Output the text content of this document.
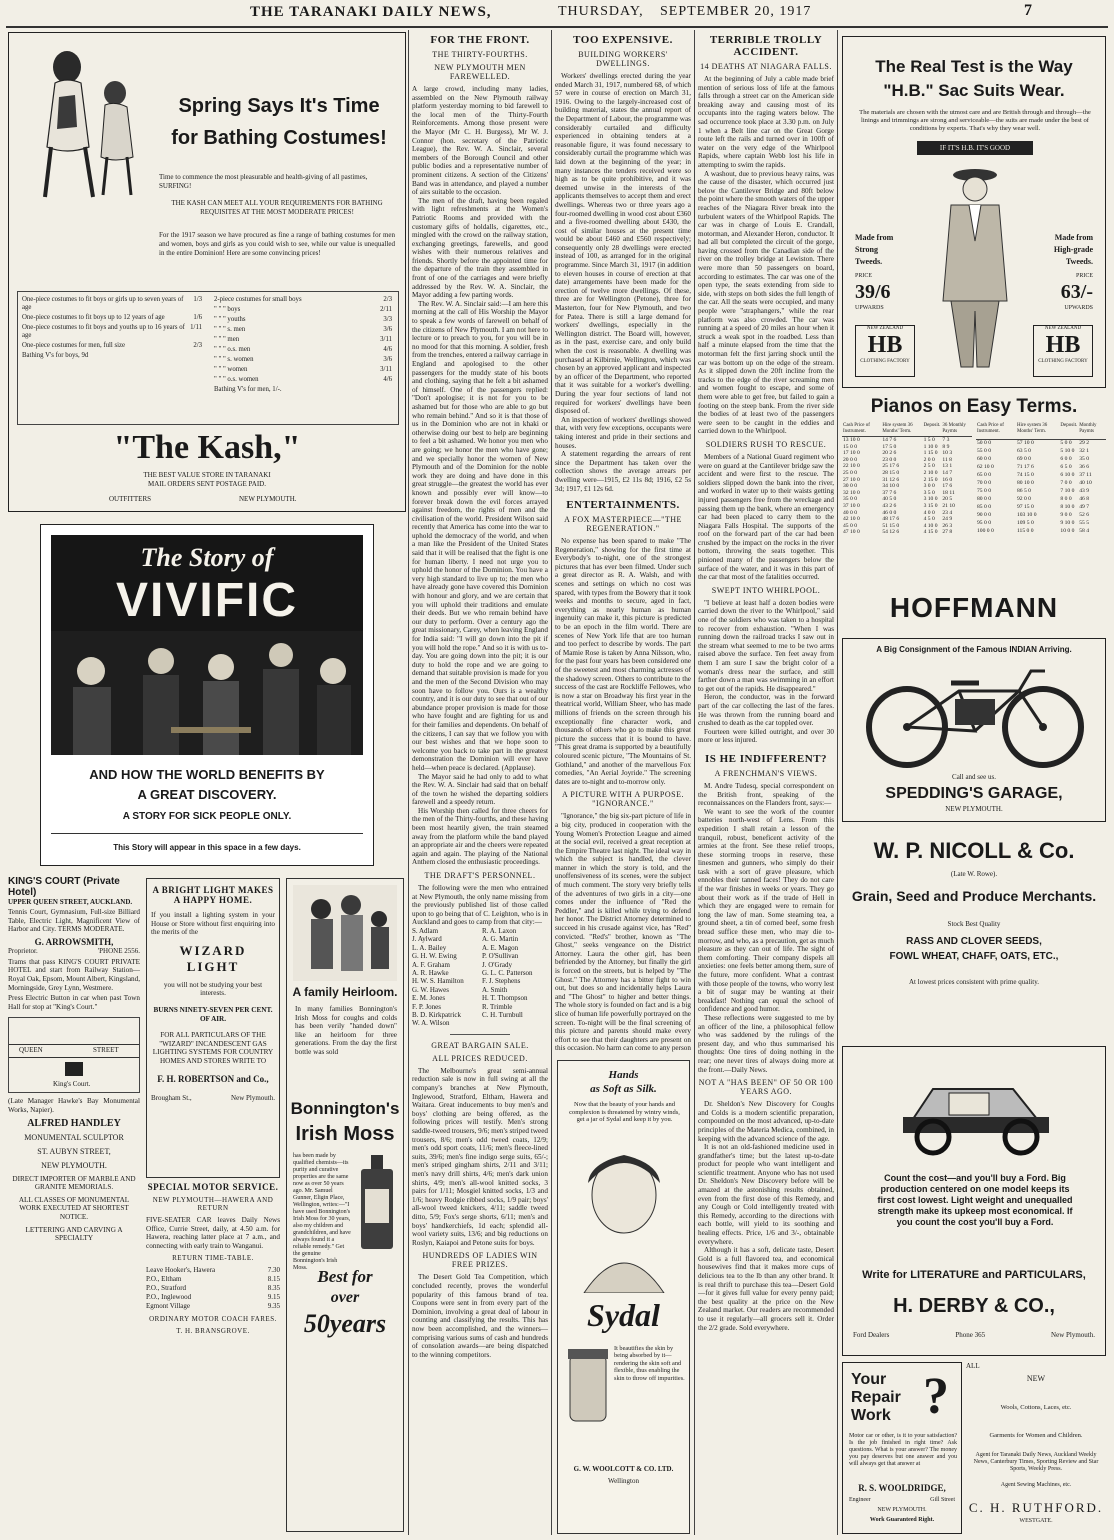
THE TARANAKI DAILY NEWS,	THURSDAY, SEPTEMBER 20, 1917	7
Spring Says It's Time
for Bathing Costumes!
Time to commence the most pleasurable and health-giving of all pastimes, SURFING!
THE KASH CAN MEET ALL YOUR REQUIREMENTS FOR BATHING REQUISITES AT THE MOST MODERATE PRICES!
For the 1917 season we have procured as fine a range of bathing costumes for men and women, boys and girls as you could wish to see, while our value is unequalled in the entire Dominion! Here are some convincing prices!
One-piece costumes to fit boys or girls up to seven years of age
1/3
One-piece costumes to fit boys up to 12 years of age	1/6
One-piece costumes to fit boys and youths up to 16 years of age
1/11
One-piece costumes for men, full size	2/3
Bathing V's for boys, 9d
2-piece costumes for small boys	2/3
" " " boys	2/11
" " " youths	3/3
" " " s. men	3/6
" " " men	3/11
" " " o.s. men	4/6
" " " s. women	3/6
" " " women	3/11
" " " o.s. women	4/6
Bathing V's for men, 1/-.
"The Kash,"
THE BEST VALUE STORE IN TARANAKI
MAIL ORDERS SENT POSTAGE PAID.
OUTFITTERS	NEW PLYMOUTH.
The Story of
VIVIFIC
AND HOW THE WORLD BENEFITS BY
A GREAT DISCOVERY.
A STORY FOR SICK PEOPLE ONLY.
This Story will appear in this space in a few days.
KING'S COURT (Private Hotel)
UPPER QUEEN STREET, AUCKLAND.
Tennis Court, Gymnasium, Full-size Billiard Table, Electric Light, Magnificent View of Harbor and City. TERMS MODERATE.
G. ARROWSMITH,
Proprietor.	'PHONE 2556.
Trams that pass KING'S COURT PRIVATE HOTEL and start from Railway Station—Royal Oak, Epsom, Mount Albert, Kingsland, Morningside, Grey Lynn, Westmere.
Press Electric Button in car when past Town Hall for stop at "King's Court."
QUEEN	STREET
King's Court.
(Late Manager Hawke's Bay Monumental Works, Napier).
ALFRED HANDLEY
MONUMENTAL SCULPTOR
ST. AUBYN STREET,
NEW PLYMOUTH.
DIRECT IMPORTER OF MARBLE AND GRANITE MEMORIALS.
ALL CLASSES OF MONUMENTAL WORK EXECUTED AT SHORTEST NOTICE.
LETTERING AND CARVING A SPECIALTY
A BRIGHT LIGHT MAKES A HAPPY HOME.
If you install a lighting system in your House or Store without first enquiring into the merits of the
WIZARD LIGHT
you will not be studying your best interests.
BURNS NINETY-SEVEN PER CENT. OF AIR.
FOR ALL PARTICULARS OF THE "WIZARD" INCANDESCENT GAS LIGHTING SYSTEMS FOR COUNTRY HOMES AND STORES WRITE TO
F. H. ROBERTSON and Co.,
Brougham St.,	New Plymouth.
SPECIAL MOTOR SERVICE.
NEW PLYMOUTH—HAWERA AND RETURN
FIVE-SEATER CAR leaves Daily News Office, Currie Street, daily, at 4.50 a.m. for Hawera, reaching latter place at 7 a.m., and connecting with early train to Wanganui.
RETURN TIME-TABLE.
Leave Hooker's, Hawera	7.30
P.O., Eltham	8.15
P.O., Stratford	8.35
P.O., Inglewood	9.15
Egmont Village	9.35
ORDINARY MOTOR COACH FARES.
T. H. BRANSGROVE.
A family Heirloom.
In many families Bonnington's Irish Moss for coughs and colds has been verily "handed down" like an heirloom for three generations. From the day the first bottle was sold
Bonnington's
Irish Moss
has been made by qualified chemists—its purity and curative properties are the same now as over 50 years ago. Mr. Samuel Gunner, Eligin Place, Wellington, writes:—"I have used Bonnington's Irish Moss for 30 years, also my children and grandchildren, and have always found it a reliable remedy." Get the genuine Bonnington's Irish Moss. Best for
over
50years
FOR THE FRONT.
THE THIRTY-FOURTHS.
NEW PLYMOUTH MEN FAREWELLED.

A large crowd, including many ladies, assembled on the New Plymouth railway platform yesterday morning to bid farewell to the local men of the Thirty-Fourth Reinforcements. Among those present were the Mayor (Mr C. H. Burgess), Mr W. J. Connor (hon. secretary of the Patriotic League), the Rev. W. A. Sinclair, several members of the Borough Council and other public bodies and a representative number of prominent citizens. A section of the Citizens' Band was in attendance, and played a number of airs suitable to the occasion.

The men of the draft, having been regaled with light refreshments at the Women's Patriotic Rooms and provided with the customary gifts of holdalls, cigarettes, etc., mingled with the crowd on the railway station, exchanging greetings, farewells, and good wishes with their numerous relatives and friends. Shortly before the appointed time for the departure of the train they assembled in front of one of the carriages and were briefly addressed by the Rev. W. A. Sinclair, the Mayor adding a few parting words.

The Rev. W. A. Sinclair said:—I am here this morning at the call of His Worship the Mayor to speak a few words of farewell on behalf of the citizens of New Plymouth. I am not here to lecture or to preach to you, for you will be in no mood for that this morning. A soldier, fresh from the trenches, entered a railway carriage in England and apologised to the other passengers for the muddy state of his boots and clothing, saying that he felt a bit ashamed of himself. One of the passengers replied: "Don't apologise; it is not for you to be ashamed but for those who are able to go but who remain behind." And so it is that those of us in the Dominion who are not in khaki or otherwise doing our best to help are beginning to feel a bit ashamed. We honor you men who are going; we honor the men who have gone; and we specially honor the women of New Plymouth and of the Dominion for the noble work they are doing and have done in this great struggle—the greatest the world has ever known and possibly ever will know—to forever break down the evil forces arrayed against freedom, the rights of men and the civilisation of the world. President Wilson said recently that America has come into the war to uphold the democracy of the world, and when a man like the President of the United States said that it will be realised that the fight is one for human liberty. I need not urge you to uphold the honor of the Dominion. You have a very high standard to live up to; the men who have already gone have covered this Dominion with honour and glory, and we are certain that you will uphold their traditions and emulate their deeds. But we who remain behind have our duty to perform. Over a century ago the great missionary, Carey, when leaving England for India said: "I will go down into the pit if you will hold the rope." And so it is with us to-day. You are going down into the pit; it is our duty to hold the rope and we are going to demand that suitable provision is made for you and the men of the Second Division who may soon have to follow you. Ours is a wealthy country, and it is our duty to see that out of our abundance proper provision is made for those who have fought and are fighting for us and for their families and dependents. On behalf of the citizens, I can say that we follow you with our best wishes and that we hope soon to welcome you back to take part in the greatest demonstration the Dominion will ever have held—when peace is declared. (Applause).

The Mayor said he had only to add to what the Rev. W. A. Sinclair had said that on behalf of the town he wished the departing soldiers farewell and a speedy return.

His Worship then called for three cheers for the men of the Thirty-fourths, and these having been most heartily given, the train steamed away from the platform while the band played an appropriate air and the cheers were repeated again and again. The playing of the National Anthem closed the enthusiastic proceedings.

THE DRAFT'S PERSONNEL.

The following were the men who entrained at New Plymouth, the only name missing from the previously published list of those called upon to go being that of C. Leighton, who is in Auckland and goes to camp from that city:—

S. Adlam
J. Aylward
L. A. Bailey
G. H. W. Ewing
A. F. Graham
A. R. Hawke
H. W. S. Hamilton
G. W. Hawes
E. M. Jones
F. P. Jones
B. D. Kirkpatrick
W. A. Wilson
R. A. Laxon
A. G. Martin
A. E. Magon
P. O'Sullivan
J. O'Grady
G. L. C. Patterson
F. J. Stephens
A. Smith
H. T. Thompson
R. Trimble
C. H. Turnbull
GREAT BARGAIN SALE.
ALL PRICES REDUCED.

The Melbourne's great semi-annual reduction sale is now in full swing at all the company's branches at New Plymouth, Inglewood, Stratford, Eltham, Hawera and Waitara. Great inducements to buy men's and boys' clothing are being offered, as the following prices will testify. Men's strong saddle-tweed trousers, 9/6; men's striped tweed trousers, 8/6; men's odd tweed coats, 12/9; men's odd sport coats, 11/6; men's fleece-lined suits, 39/6; men's fine indigo serge suits, 65/-; men's striped gingham shirts, 2/11 and 3/11; men's navy drill shirts, 4/6; men's dark union shirts, 4/9; men's all-wool knitted socks, 3 pairs for 1/11; Mosgiel knitted socks, 1/3 and 1/6; heavy Rodgie ribbed socks, 1/9 pair; boys' all-wool tweed knickers, 4/11; saddle tweed ditto, 5/9; Fox's serge shorts, 6/11; men's and boys' handkerchiefs, 1d each; splendid all-wool variety suits, 13/6; and big reductions on Roslyn, Kaiapoi and Petone suits for boys.

HUNDREDS OF LADIES WIN FREE PRIZES.

The Desert Gold Tea Competition, which concluded recently, proves the wonderful popularity of this famous brand of tea. Coupons were sent in from every part of the Dominion, involving a great deal of labour in counting and classifying the results. This has now been accomplished, and the winners—comprising various sums of cash and hundreds of consolation awards—are being dispatched to the winning competitors.

TOO EXPENSIVE.
BUILDING WORKERS' DWELLINGS.

Workers' dwellings erected during the year ended March 31, 1917, numbered 68, of which 57 were in course of erection on March 31, 1916. Owing to the largely-increased cost of building material, states the annual report of the Department of Labour, the programme was considerably curtailed and difficulty experienced in obtaining tenders at a reasonable figure, it was found necessary to considerably curtail the programme which was laid down at the beginning of the year; in many instances the tenders received were so high as to be quite prohibitive, and it was deemed unwise in the interests of the applicants themselves to accept them and erect dwellings. Whereas two or three years ago a four-roomed dwelling in wood cost about £360 and a five-roomed dwelling about £430, the cost of similar houses at the present time would be about £460 and £560 respectively; consequently only 28 dwellings were erected instead of 100, as arranged for in the original programme. Since March 31, 1917 (in addition to eleven houses in course of erection at that date) arrangements have been made for the erection of twelve more dwellings. Of these, three are for Wellington (Petone), three for Masterton, four for New Plymouth, and two for Patea. There is still a large demand for workers' dwellings, especially in the Wellington district. The Board will, however, as in the past, exercise care, and only build when the cost is reasonable. A dwelling was purchased at Kilbirnie, Wellington, which was chosen by an approved applicant and inspected by an officer of the Department, who reported that it was suitable for a worker's dwelling. During the year four sections of land not required for workers' dwellings have been disposed of.

An inspection of workers' dwellings showed that, with very few exceptions, occupants were taking interest and pride in their sections and houses.

A statement regarding the arrears of rent since the Department has taken over the collection shows the average arrears per dwelling were—1915, £2 11s 8d; 1916, £2 5s 3d; 1917, £1 12s 6d.

ENTERTAINMENTS.
A FOX MASTERPIECE—"THE REGENERATION."

No expense has been spared to make "The Regeneration," showing for the first time at Everybody's to-night, one of the strongest pictures that has ever been filmed. Under such a great director as R. A. Walsh, and with scenes and settings on which no cost was spared, with types from the Bowery that it took weeks and months to secure, aged in fact, everything as nearly human as human ingenuity can make it, this picture is predicted to be an epoch in the film world. There are scenes of New York life that are too human and too perfect to describe by words. The part of Mamie Rose is taken by Anna Nilsson, who, for the past four years has been considered one of the sweetest and most charming actresses of the shadowy screen. Others to contribute to the success of the cast are Rockliffe Fellowes, who is now a star on Broadway his first year in the theatrical world, William Sheer, who has made millions of friends on the screen through his exceptionally fine character work, and thousands of others who go to make this great picture the success that it is bound to have. "This great drama is supported by a beautifully coloured scenic picture, "The Mountains of St. Gothland," and another of the marvellous Fox comedies, "An Aerial Joyride." The screening dates are to-night and to-morrow only.

A PICTURE WITH A PURPOSE. "IGNORANCE."

"Ignorance," the big six-part picture of life in a big city, produced in cooperation with the Young Women's Protection League and aimed at the social evil, received a great reception at the Empire Theatre last night. The ideal way in which the subject is handled, the clever manner in which the story is told, and the unoffensiveness of its scenes, were the subject of much comment. The story very briefly tells of the adventures of two girls in a city—one comes under the influence of "Red the Peddler," and is killed while trying to defend her honor. The District Attorney determined to succeed in his crusade against vice, has "Red" convicted. "Red's" brother, known as "The Ghost," seeks vengeance on the District Attorney. Laura the other girl, has been befriended by the Attorney, but finally the girl is forced on the streets, but is helped by "The Ghost." The Attorney has a bitter fight to win out, but does so and incidentally helps Laura and "The Ghost" to higher and better things. The whole story is founded on fact and is a big slice of human life powerfully portrayed on the screen. To-night will be the final screening of this picture and parents should make every effort to see that their daughters are present on this occasion. No harm can come to any person

Hands
as Soft as Silk.
Now that the beauty of your hands and complexion is threatened by wintry winds, get a jar of Sydal and keep it by you.
Sydal
It beautifies the skin by being absorbed by it—rendering the skin soft and flexible, thus enabling the skin to throw off impurities.
G. W. WOOLCOTT & CO. LTD.
Wellington
TERRIBLE TROLLY ACCIDENT.
14 DEATHS AT NIAGARA FALLS.

At the beginning of July a cable made brief mention of serious loss of life at the famous falls through a street car on the American side breaking away and causing most of its occupants into the raging waters below. The sad occurrence took place at 3.30 p.m. on July 1 when a Belt line car on the Great Gorge route left the rails and turned over in 100ft of water on the very edge of the Whirlpool Rapids, where captain Webb lost his life in attempting to swim the rapids.

A washout, due to previous heavy rains, was the cause of the disaster, which occurred just below the Cantilever Bridge and 80ft below the point where the smooth waters of the upper reaches of the Niagara River break into the turbulent waters of the Whirlpool Rapids. The car was in charge of Louis E. Crandall, motorman, and Alexander Heron, conductor. It had all but completed the circuit of the gorge, having crossed from the Canadian side of the river on the trolley bridge at Lewiston. There were more than 50 passengers on board, according to estimates. The car was one of the open type, the seats extending from side to side, with steps on both sides the full length of the car. All the seats were occupied, and many people were "straphangers," while the rear platform was also crowded. The car was running at a speed of 20 miles an hour when it struck a weak spot in the roadbed. Less than half a minute elapsed from the time that the motorman felt the first jarring shock until the car was bottom up on the edge of the stream. As it slipped down the 20ft incline from the tracks to the edge of the river screaming men and women fought to escape, and some of them were able to get free, but failed to gain a footing on the steep bank. From the river side the bodies of at least two of the passengers were seen to be caught in the eddies and carried down to the Whirlpool.

SOLDIERS RUSH TO RESCUE.

Members of a National Guard regiment who were on guard at the Cantilever bridge saw the accident and were first to the rescue. The soldiers slipped down the bank into the river, and worked in water up to their waists getting injured passengers free from the wreckage and passing them up the bank, where an emergency car had been placed to carry them to the Niagara Falls Hospital. The supports of the roof on the forward part of the car had been crushed by the impact on the rocks in the river bottom, throwing the seats together. This pinioned many of the passengers below the surface of the water, and it was in this part of the car that most of the fatalities occurred.

SWEPT INTO WHIRLPOOL.

"I believe at least half a dozen bodies were carried down the river to the Whirlpool," said one of the soldiers who was taken to a hospital to recover from exhaustion. "When I was running down the railroad tracks I saw out in the stream what seemed to me to be two arms raised above the surface. Ten feet away from them I am sure I saw the bright color of a woman's dress near the surface, and still farther down a man was swimming in an effort to get out of the rapids. He disappeared."

Heron, the conductor, was in the forward part of the car collecting the last of the fares. He was thrown from the running board and crushed to death as the car toppled over.

Fourteen were killed outright, and over 30 more or less injured.

IS HE INDIFFERENT?
A FRENCHMAN'S VIEWS.

M. Andre Tudesq, special correspondent on the British front, speaking of the reconnaissances on the Flanders front, says:—

We want to see the work of the counter batteries north-west of Lens. From this expedition I shall retain a lesson of the tranquil, robust, beneficent activity of the armies at the front. See these relief troops, these storming troops in reserve, these linesmen and gunners, who simply do their task with a sort of grave pleasure, which ennobles their tanned faces! They do not care if the war finishes in weeks or years. They go about their work as if the trade of Hell in which they are engaged were to remain for long the law of man. Some steaming tea, a ground sheet, a tin of corned beef, some fresh bread suffice these men, who may die to-morrow, and who, as a precaution, get as much pleasure as they can out of life. The sight of them comforting. Their company dispels all anxieties: one feels better among them, sure of the future, more confident. What a contrast with those people of the towns, who worry lest a bit of sugar may be wanting at their breakfast! Nothing can equal the school of confidence and good humor.

These reflections were suggested to me by an officer of the line, a philosophical fellow who was saddened by the rulings of the present day, and who thus summarised his thoughts: One tires of doing nothing in the rear; one never tires of always doing more at the front.—Daily News.

NOT A "HAS BEEN" OF 50 OR 100 YEARS AGO.

Dr. Sheldon's New Discovery for Coughs and Colds is a modern scientific preparation, compounded on the most advanced, up-to-date principles of the Materia Medica, combined, in keeping with the advanced science of the age.

It is not an old-fashioned medicine used in grandfather's time; but the latest up-to-date product for people who want intelligent and scientific treatment. Anyone who has not used Dr. Sheldon's New Discovery before will be amazed at the astonishing results obtained, even from the first dose of this Remedy, and any Cough or Cold intelligently treated with this Remedy, according to the directions with each bottle, will yield to its soothing and healing effects. Price, 1/6 and 3/-, obtainable everywhere.

Although it has a soft, delicate taste, Desert Gold is a full flavored tea, and economical housewives find that it makes more cups of delicious tea to the lb than any other brand. It is real thrift to purchase this tea—Desert Gold—for it gives full value for every penny paid; the best quality at the price on the New Zealand market. Our readers are recommended to use it regularly—all grocers sell it. Order the 2/2 grade. Sold everywhere.

The Real Test is the Way
"H.B." Sac Suits Wear.
The materials are chosen with the utmost care and are British through and through—the linings and trimmings are strong and serviceable—the suits are made under the best of conditions by experts. That's why they wear well.
IF IT'S H.B. IT'S GOOD
Made from
Strong
Tweeds.
PRICE
39/6
UPWARDS
Made from
High-grade
Tweeds.
PRICE
63/-
UPWARDS
NEW ZEALAND
HB
CLOTHING FACTORY
NEW ZEALAND
HB
CLOTHING FACTORY
Pianos on Easy Terms.
Cash Price of Instrument.	Hire system 36 Months' Term.	Deposit.	36 Monthly Paymts
13 10 0	14 7 6	1 5 0	7 3
15 0 0	17 5 0	1 10 0	8 9
17 10 0	20 2 6	1 15 0	10 3
20 0 0	23 0 0	2 0 0	11 8
22 10 0	25 17 6	2 5 0	13 1
25 0 0	28 15 0	2 10 0	14 7
27 10 0	31 12 6	2 15 0	16 0
30 0 0	34 10 0	3 0 0	17 6
32 10 0	37 7 6	3 5 0	18 11
35 0 0	40 5 0	3 10 0	20 5
37 10 0	43 2 6	3 15 0	21 10
40 0 0	46 0 0	4 0 0	23 4
42 10 0	48 17 6	4 5 0	24 9
45 0 0	51 15 0	4 10 0	26 3
47 10 0	54 12 6	4 15 0	27 8
Cash Price of Instrument.	Hire system 36 Months' Term.	Deposit.	Monthly Paymts
50 0 0	57 10 0	5 0 0	29 2
55 0 0	63 5 0	5 10 0	32 1
60 0 0	69 0 0	6 0 0	35 0
62 10 0	71 17 6	6 5 0	36 6
65 0 0	74 15 0	6 10 0	37 11
70 0 0	80 10 0	7 0 0	40 10
75 0 0	86 5 0	7 10 0	43 9
80 0 0	92 0 0	8 0 0	46 8
85 0 0	97 15 0	8 10 0	49 7
90 0 0	103 10 0	9 0 0	52 6
95 0 0	109 5 0	9 10 0	55 5
100 0 0	115 0 0	10 0 0	58 4
HOFFMANN
A Big Consignment of the Famous INDIAN Arriving.
Call and see us.
SPEDDING'S GARAGE,
NEW PLYMOUTH.
W. P. NICOLL & Co.
(Late W. Rowe).
Grain, Seed and Produce Merchants.
Stock Best Quality
RASS AND CLOVER SEEDS,
FOWL WHEAT, CHAFF, OATS, ETC.,
At lowest prices consistent with prime quality.
Count the cost—and you'll buy a Ford. Big production centered on one model keeps its first cost lowest. Light weight and unequalled strength make its upkeep most economical. If you count the cost you'll buy a Ford.
Write for LITERATURE and PARTICULARS,
H. DERBY & CO.,
Ford Dealers	Phone 365	New Plymouth.
Your
Repair
Work ?
Motor car or other, is it to your satisfaction? Is the job finished in right time? Ask questions. What is your answer? The money you pay deserves but one answer and you will always get that answer at
R. S. WOOLDRIDGE,
Engineer	Gill Street
NEW PLYMOUTH.
Work Guaranteed Right.
ALL
NEW
Wools, Cottons, Laces, etc.
Garments for Women and Children.
Agent for Taranaki Daily News, Auckland Weekly News, Canterbury Times, Sporting Review and Star Sports, Weekly Press.
Agent Sewing Machines, etc.
C. H. RUTHFORD.
WESTGATE.
